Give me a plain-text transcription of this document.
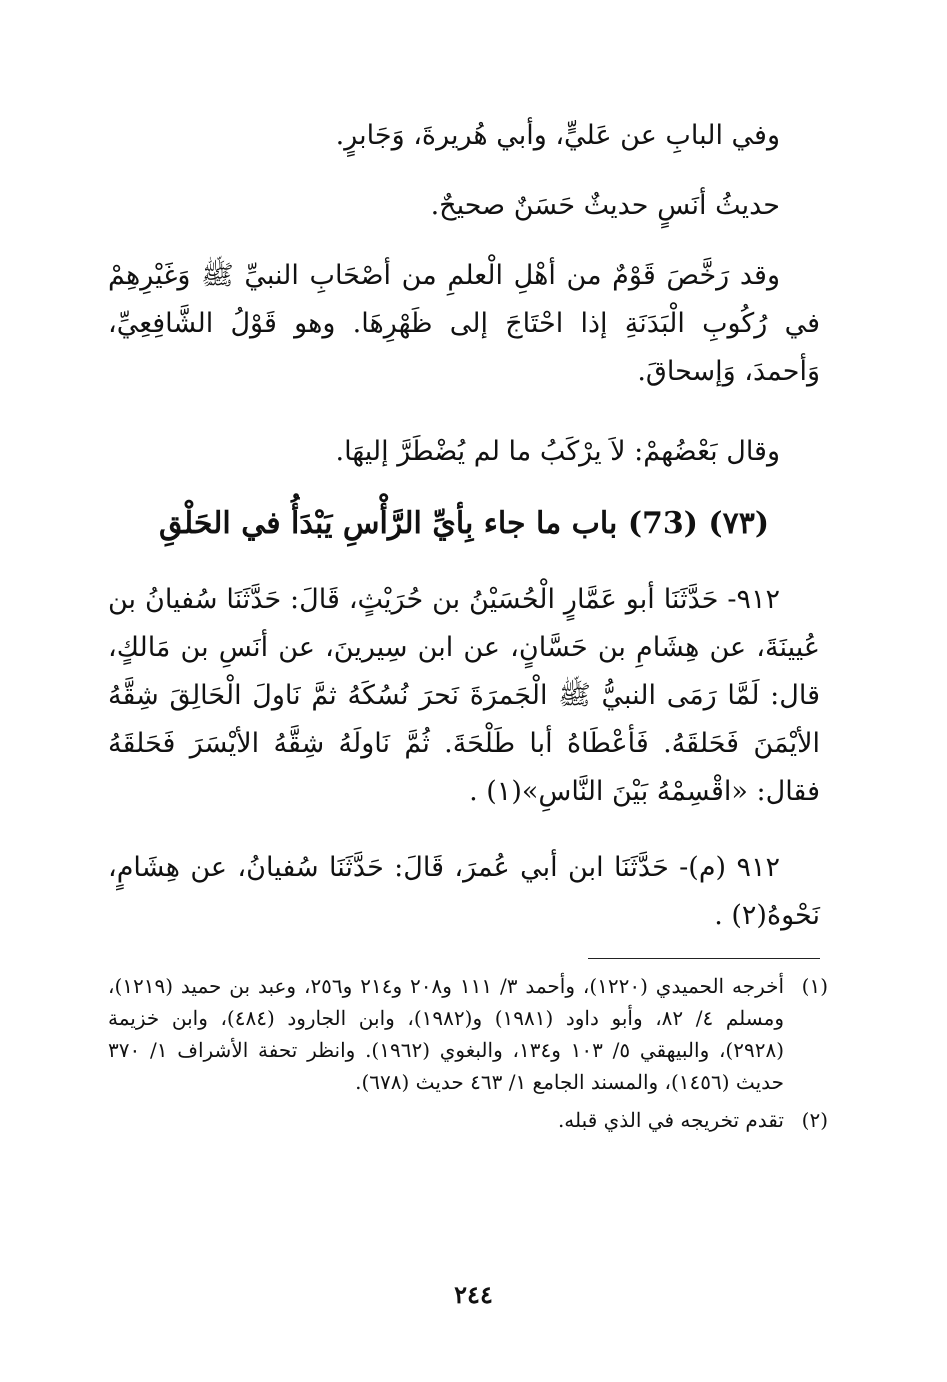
وفي البابِ عن عَليٍّ، وأبي هُريرةَ، وَجَابرٍ.

حديثُ أنَسٍ حديثٌ حَسَنٌ صحيحٌ.

وقد رَخَّصَ قَوْمٌ من أهْلِ الْعلمِ من أصْحَابِ النبيِّ ﷺ وَغَيْرِهِمْ في رُكُوبِ الْبَدَنَةِ إذا احْتَاجَ إلى ظَهْرِهَا. وهو قَوْلُ الشَّافِعِيِّ، وَأحمدَ، وَإسحاقَ.

وقال بَعْضُهمْ: لاَ يرْكَبُ ما لم يُضْطَرَّ إليهَا.

(٧٣) (73) باب ما جاء بِأيِّ الرَّأْسِ يَبْدَأُ في الحَلْقِ

٩١٢- حَدَّثَنَا أبو عَمَّارٍ الْحُسَيْنُ بن حُرَيْثٍ، قَالَ: حَدَّثَنَا سُفيانُ بن عُيينَةَ، عن هِشَامِ بن حَسَّانٍ، عن ابن سِيرينَ، عن أنَسِ بن مَالكٍ، قال: لَمَّا رَمَى النبيُّ ﷺ الْجَمرَةَ نَحرَ نُسُكَهُ ثمَّ نَاولَ الْحَالِقَ شِقَّهُ الأيْمَنَ فَحَلقَهُ. فَأعْطَاهُ أبا طَلْحَةَ. ثُمَّ نَاولَهُ شِقَّهُ الأيْسَرَ فَحَلقَهُ فقال: «اقْسِمْهُ بَيْنَ النَّاسِ»(١) .

٩١٢ (م)- حَدَّثَنَا ابن أبي عُمرَ، قَالَ: حَدَّثَنَا سُفيانُ، عن هِشَامٍ، نَحْوهُ(٢) .

(١)
أخرجه الحميدي (١٢٢٠)، وأحمد ٣/ ١١١ و٢٠٨ و٢١٤ و٢٥٦، وعبد بن حميد (١٢١٩)، ومسلم ٤/ ٨٢، وأبو داود (١٩٨١) و(١٩٨٢)، وابن الجارود (٤٨٤)، وابن خزيمة (٢٩٢٨)، والبيهقي ٥/ ١٠٣ و١٣٤، والبغوي (١٩٦٢). وانظر تحفة الأشراف ١/ ٣٧٠ حديث (١٤٥٦)، والمسند الجامع ١/ ٤٦٣ حديث (٦٧٨).
(٢)
تقدم تخريجه في الذي قبله.
٢٤٤
